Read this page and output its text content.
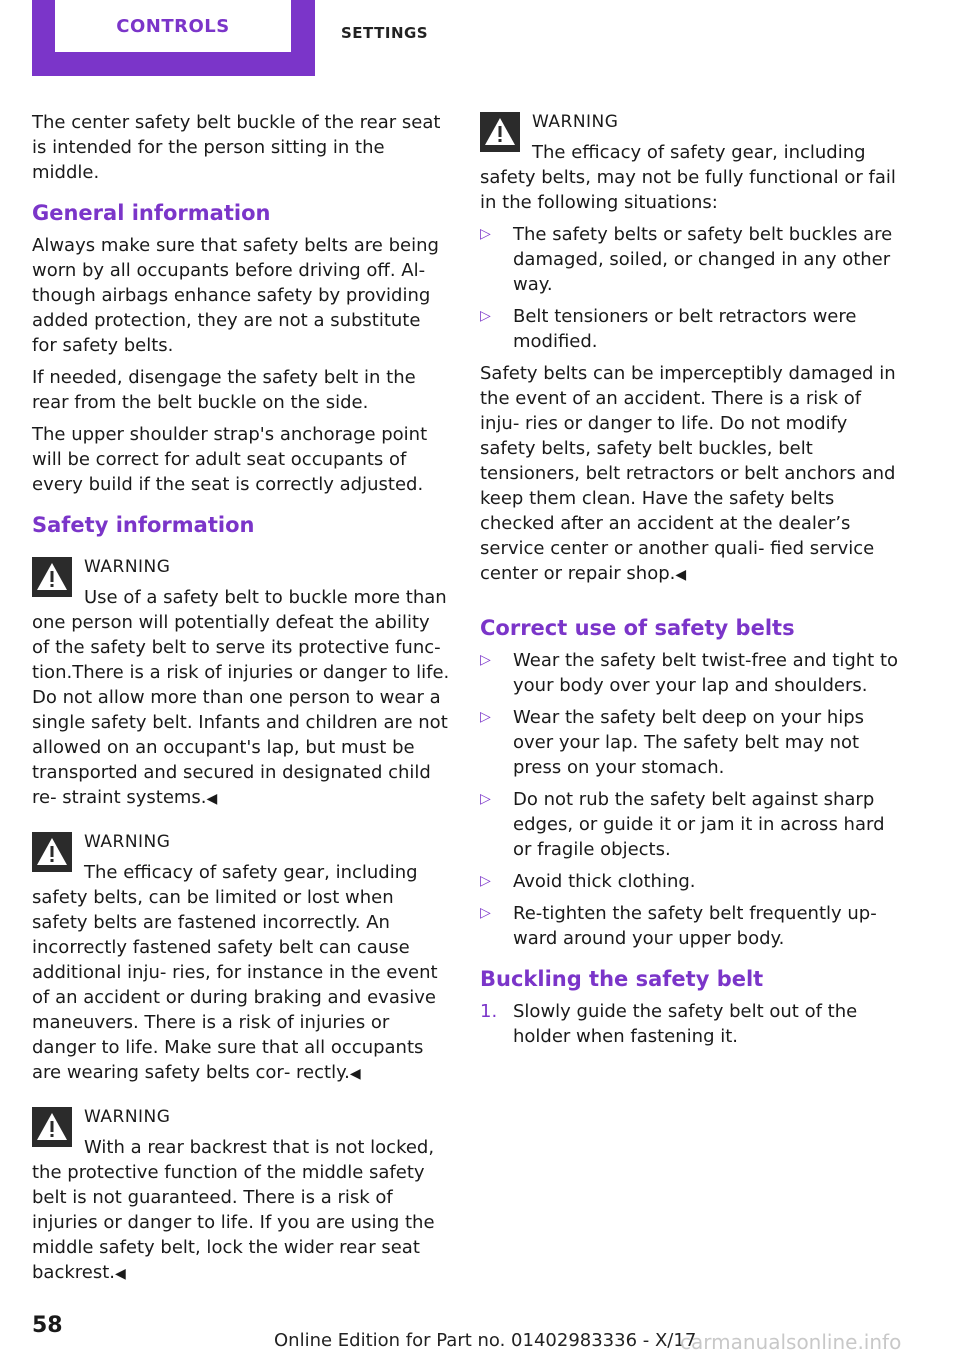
CONTROLS	SETTINGS

The center safety belt buckle of the rear seat is intended for the person sitting in the middle.

General information

Always make sure that safety belts are being worn by all occupants before driving off. Al‐ though airbags enhance safety by providing added protection, they are not a substitute for safety belts.

If needed, disengage the safety belt in the rear from the belt buckle on the side.

The upper shoulder strap's anchorage point will be correct for adult seat occupants of every build if the seat is correctly adjusted.

Safety information
WARNING

Use of a safety belt to buckle more than one person will potentially defeat the ability of the safety belt to serve its protective func‐ tion.There is a risk of injuries or danger to life. Do not allow more than one person to wear a single safety belt. Infants and children are not allowed on an occupant's lap, but must be transported and secured in designated child re‐ straint systems.◀

WARNING

The efficacy of safety gear, including safety belts, can be limited or lost when safety belts are fastened incorrectly. An incorrectly fastened safety belt can cause additional inju‐ ries, for instance in the event of an accident or during braking and evasive maneuvers. There is a risk of injuries or danger to life. Make sure that all occupants are wearing safety belts cor‐ rectly.◀

WARNING

With a rear backrest that is not locked, the protective function of the middle safety belt is not guaranteed. There is a risk of injuries or danger to life. If you are using the middle safety belt, lock the wider rear seat backrest.◀

WARNING

The efficacy of safety gear, including safety belts, may not be fully functional or fail in the following situations:

▷ The safety belts or safety belt buckles are damaged, soiled, or changed in any other way.
▷ Belt tensioners or belt retractors were modified.

Safety belts can be imperceptibly damaged in the event of an accident. There is a risk of inju‐ ries or danger to life. Do not modify safety belts, safety belt buckles, belt tensioners, belt retractors or belt anchors and keep them clean. Have the safety belts checked after an accident at the dealer’s service center or another quali‐ fied service center or repair shop.◀

Correct use of safety belts
▷ Wear the safety belt twist-free and tight to your body over your lap and shoulders.
▷ Wear the safety belt deep on your hips over your lap. The safety belt may not press on your stomach.
▷ Do not rub the safety belt against sharp edges, or guide it or jam it in across hard or fragile objects.
▷ Avoid thick clothing.
▷ Re-tighten the safety belt frequently up‐ ward around your upper body.
Buckling the safety belt
1. Slowly guide the safety belt out of the holder when fastening it.
58
Online Edition for Part no. 01402983336 - X/17
carmanualsonline.info
